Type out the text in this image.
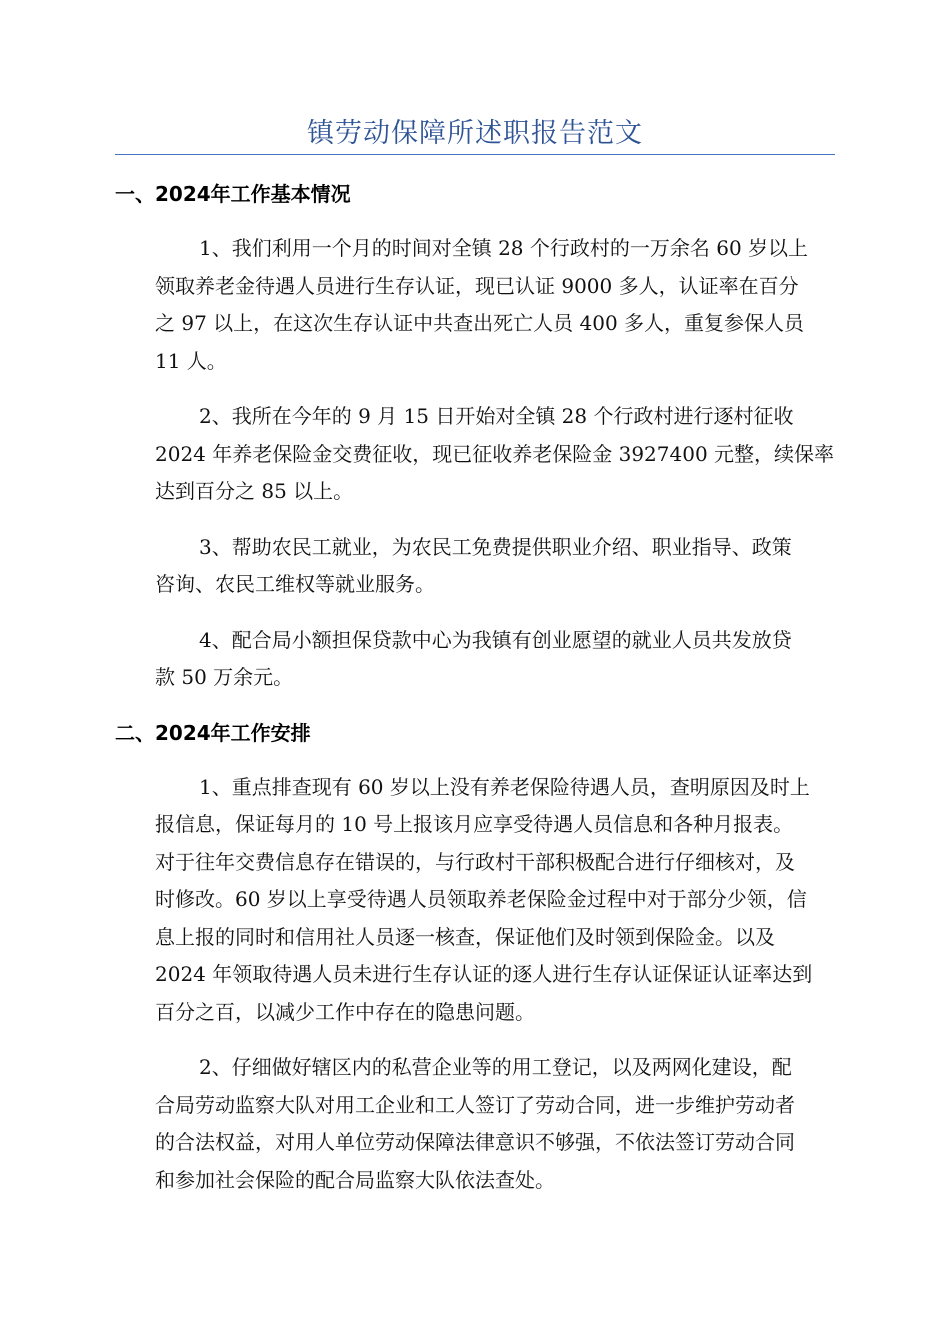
镇劳动保障所述职报告范文
一、2024年工作基本情况
1、我们利用一个月的时间对全镇 28 个行政村的一万余名 60 岁以上
领取养老金待遇人员进行生存认证，现已认证 9000 多人，认证率在百分
之 97 以上，在这次生存认证中共查出死亡人员 400 多人，重复参保人员
11 人。
2、我所在今年的 9 月 15 日开始对全镇 28 个行政村进行逐村征收
2024 年养老保险金交费征收，现已征收养老保险金 3927400 元整，续保率
达到百分之 85 以上。
3、帮助农民工就业，为农民工免费提供职业介绍、职业指导、政策
咨询、农民工维权等就业服务。
4、配合局小额担保贷款中心为我镇有创业愿望的就业人员共发放贷
款 50 万余元。
二、2024年工作安排
1、重点排查现有 60 岁以上没有养老保险待遇人员，查明原因及时上
报信息，保证每月的 10 号上报该月应享受待遇人员信息和各种月报表。
对于往年交费信息存在错误的，与行政村干部积极配合进行仔细核对，及
时修改。60 岁以上享受待遇人员领取养老保险金过程中对于部分少领，信
息上报的同时和信用社人员逐一核查，保证他们及时领到保险金。以及
2024 年领取待遇人员未进行生存认证的逐人进行生存认证保证认证率达到
百分之百，以减少工作中存在的隐患问题。
2、仔细做好辖区内的私营企业等的用工登记，以及两网化建设，配
合局劳动监察大队对用工企业和工人签订了劳动合同，进一步维护劳动者
的合法权益，对用人单位劳动保障法律意识不够强，不依法签订劳动合同
和参加社会保险的配合局监察大队依法查处。
